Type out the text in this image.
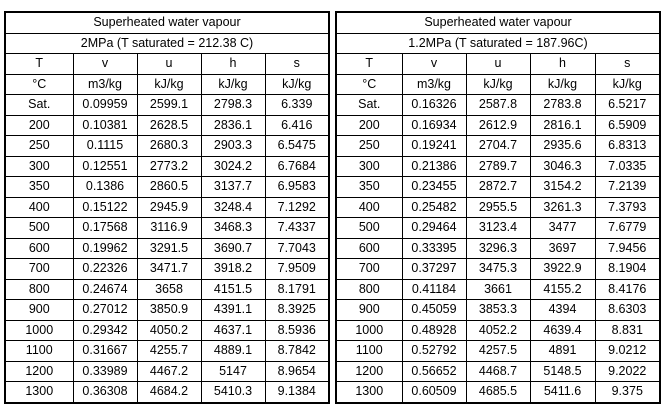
Superheated water vapour				
2MPa (T saturated = 212.38 C)				
T	v	u	h	s
°C	m3/kg	kJ/kg	kJ/kg	kJ/kg
Sat.	0.09959	2599.1	2798.3	6.339
200	0.10381	2628.5	2836.1	6.416
250	0.1115	2680.3	2903.3	6.5475
300	0.12551	2773.2	3024.2	6.7684
350	0.1386	2860.5	3137.7	6.9583
400	0.15122	2945.9	3248.4	7.1292
500	0.17568	3116.9	3468.3	7.4337
600	0.19962	3291.5	3690.7	7.7043
700	0.22326	3471.7	3918.2	7.9509
800	0.24674	3658	4151.5	8.1791
900	0.27012	3850.9	4391.1	8.3925
1000	0.29342	4050.2	4637.1	8.5936
1100	0.31667	4255.7	4889.1	8.7842
1200	0.33989	4467.2	5147	8.9654
1300	0.36308	4684.2	5410.3	9.1384
Superheated water vapour				
1.2MPa (T saturated = 187.96C)				
T	v	u	h	s
°C	m3/kg	kJ/kg	kJ/kg	kJ/kg
Sat.	0.16326	2587.8	2783.8	6.5217
200	0.16934	2612.9	2816.1	6.5909
250	0.19241	2704.7	2935.6	6.8313
300	0.21386	2789.7	3046.3	7.0335
350	0.23455	2872.7	3154.2	7.2139
400	0.25482	2955.5	3261.3	7.3793
500	0.29464	3123.4	3477	7.6779
600	0.33395	3296.3	3697	7.9456
700	0.37297	3475.3	3922.9	8.1904
800	0.41184	3661	4155.2	8.4176
900	0.45059	3853.3	4394	8.6303
1000	0.48928	4052.2	4639.4	8.831
1100	0.52792	4257.5	4891	9.0212
1200	0.56652	4468.7	5148.5	9.2022
1300	0.60509	4685.5	5411.6	9.375
